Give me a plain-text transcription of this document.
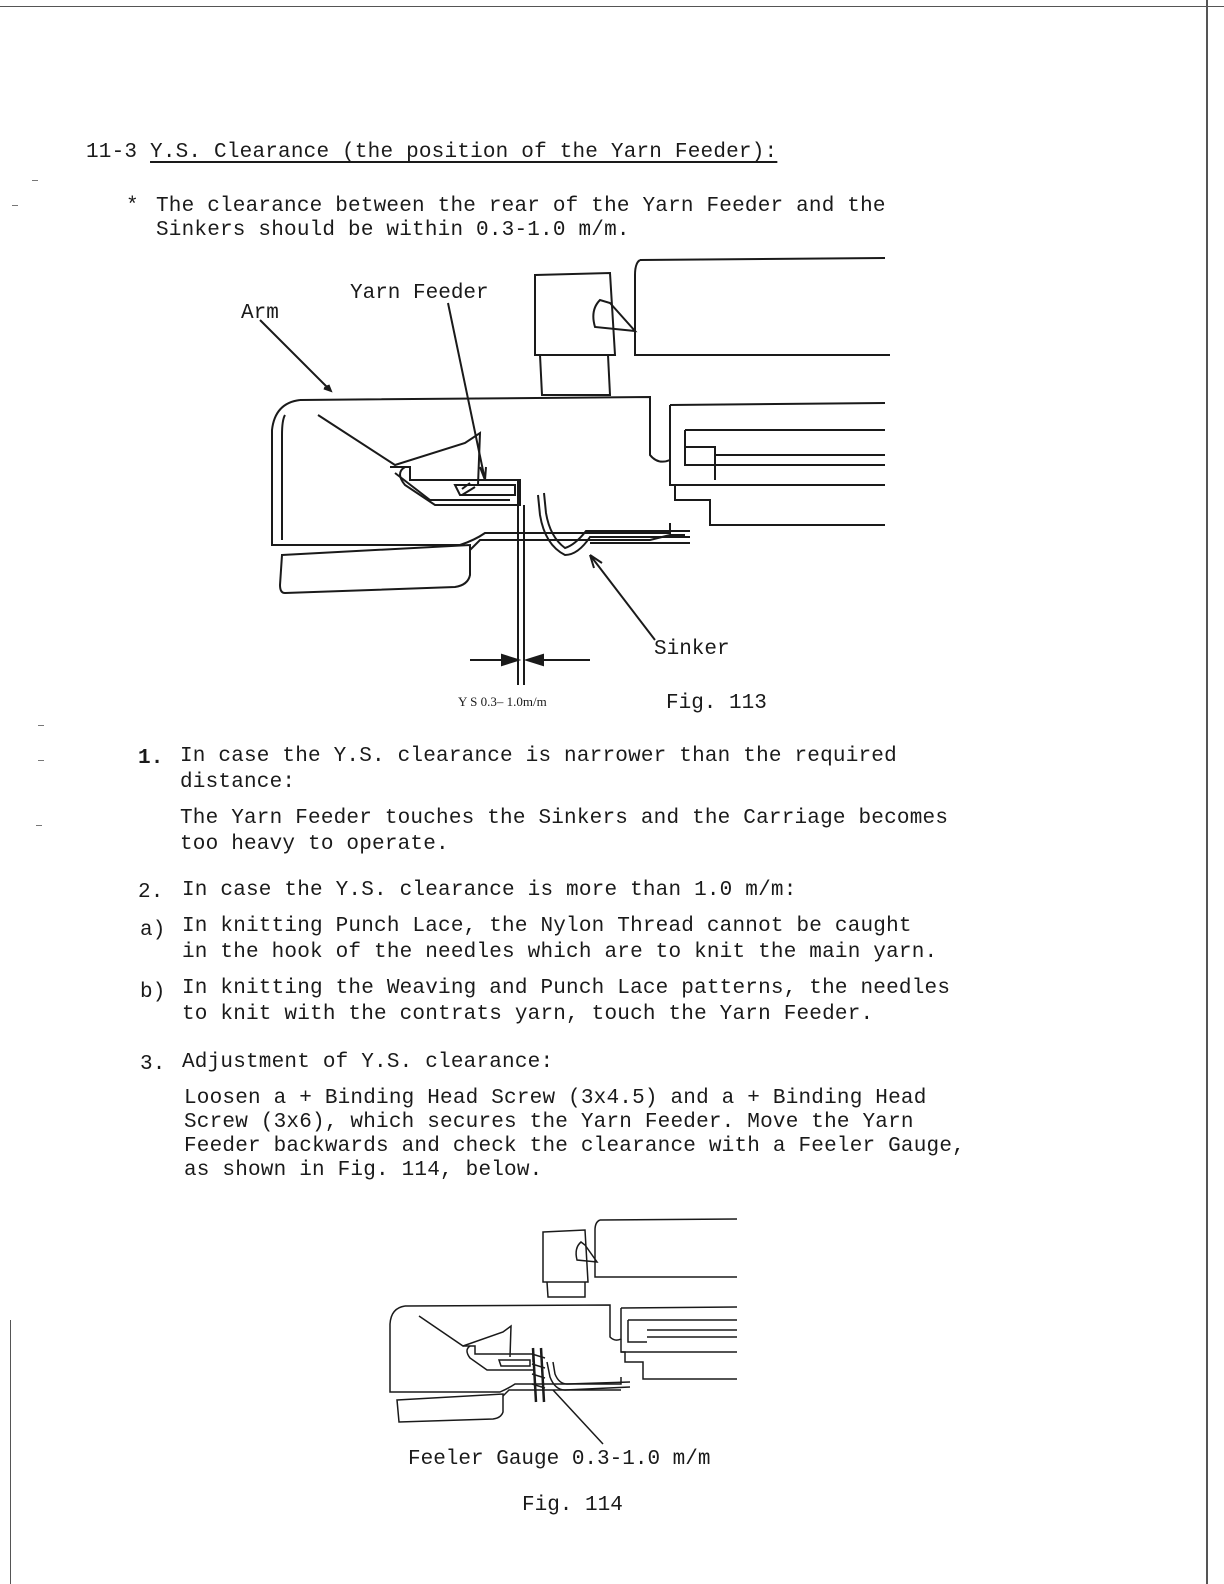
11-3 Y.S. Clearance (the position of the Yarn Feeder):
* The clearance between the rear of the Yarn Feeder and the
Sinkers should be within 0.3-1.0 m/m.
Arm
Yarn Feeder
Sinker
Y S 0.3– 1.0m/m	Fig. 113
1. In case the Y.S. clearance is narrower than the required
distance:
The Yarn Feeder touches the Sinkers and the Carriage becomes
too heavy to operate.
2. In case the Y.S. clearance is more than 1.0 m/m:
a) In knitting Punch Lace, the Nylon Thread cannot be caught
in the hook of the needles which are to knit the main yarn.
b) In knitting the Weaving and Punch Lace patterns, the needles
to knit with the contrats yarn, touch the Yarn Feeder.
3. Adjustment of Y.S. clearance:
Loosen a + Binding Head Screw (3x4.5) and a + Binding Head
Screw (3x6), which secures the Yarn Feeder. Move the Yarn
Feeder backwards and check the clearance with a Feeler Gauge,
as shown in Fig. 114, below.
Feeler Gauge 0.3-1.0 m/m
Fig. 114
